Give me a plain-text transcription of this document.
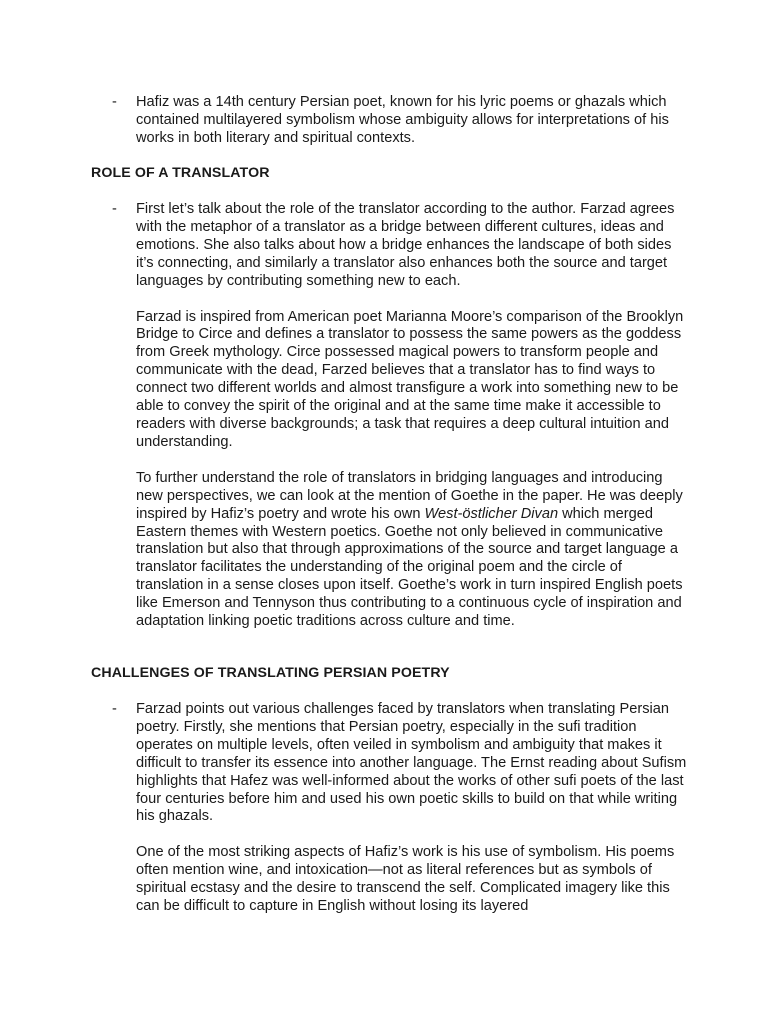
- Hafiz was a 14th century Persian poet, known for his lyric poems or ghazals which contained multilayered symbolism whose ambiguity allows for interpretations of his works in both literary and spiritual contexts.

ROLE OF A TRANSLATOR
- First let’s talk about the role of the translator according to the author. Farzad agrees with the metaphor of a translator as a bridge between different cultures, ideas and emotions. She also talks about how a bridge enhances the landscape of both sides it’s connecting, and similarly a translator also enhances both the source and target languages by contributing something new to each.

Farzad is inspired from American poet Marianna Moore’s comparison of the Brooklyn Bridge to Circe and defines a translator to possess the same powers as the goddess from Greek mythology. Circe possessed magical powers to transform people and communicate with the dead, Farzed believes that a translator has to find ways to connect two different worlds and almost transfigure a work into something new to be able to convey the spirit of the original and at the same time make it accessible to readers with diverse backgrounds; a task that requires a deep cultural intuition and understanding.

To further understand the role of translators in bridging languages and introducing new perspectives, we can look at the mention of Goethe in the paper. He was deeply inspired by Hafiz’s poetry and wrote his own West-östlicher Divan which merged Eastern themes with Western poetics. Goethe not only believed in communicative translation but also that through approximations of the source and target language a translator facilitates the understanding of the original poem and the circle of translation in a sense closes upon itself. Goethe’s work in turn inspired English poets like Emerson and Tennyson thus contributing to a continuous cycle of inspiration and adaptation linking poetic traditions across culture and time.

CHALLENGES OF TRANSLATING PERSIAN POETRY
- Farzad points out various challenges faced by translators when translating Persian poetry. Firstly, she mentions that Persian poetry, especially in the sufi tradition operates on multiple levels, often veiled in symbolism and ambiguity that makes it difficult to transfer its essence into another language. The Ernst reading about Sufism highlights that Hafez was well-informed about the works of other sufi poets of the last four centuries before him and used his own poetic skills to build on that while writing his ghazals.

One of the most striking aspects of Hafiz’s work is his use of symbolism. His poems often mention wine, and intoxication—not as literal references but as symbols of spiritual ecstasy and the desire to transcend the self. Complicated imagery like this can be difficult to capture in English without losing its layered
